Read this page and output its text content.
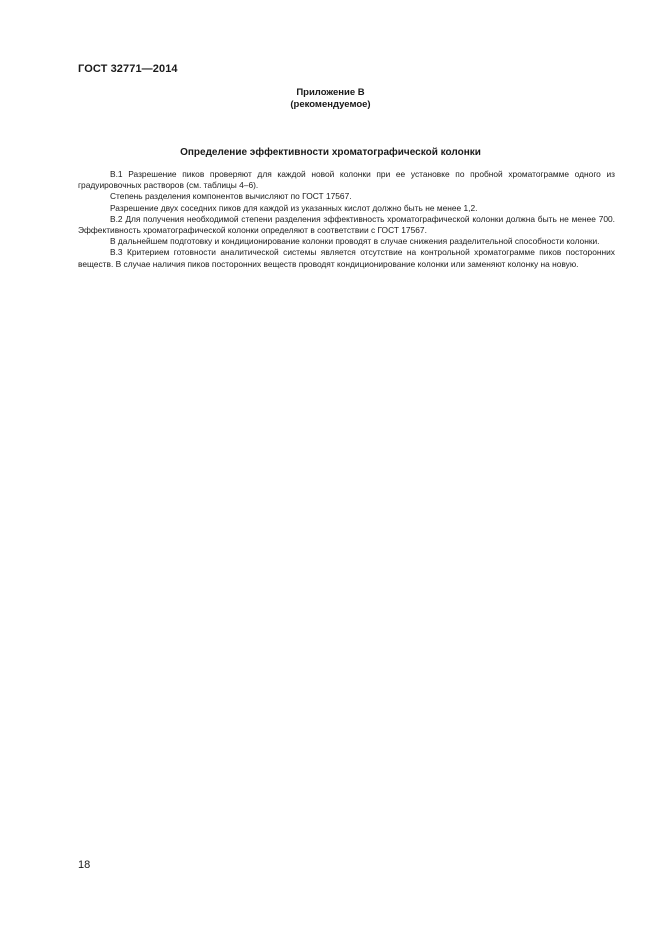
ГОСТ 32771—2014
Приложение В
(рекомендуемое)
Определение эффективности хроматографической колонки

В.1 Разрешение пиков проверяют для каждой новой колонки при ее установке по пробной хроматограмме одного из градуировочных растворов (см. таблицы 4–6).

Степень разделения компонентов вычисляют по ГОСТ 17567.

Разрешение двух соседних пиков для каждой из указанных кислот должно быть не менее 1,2.

В.2 Для получения необходимой степени разделения эффективность хроматографической колонки должна быть не менее 700. Эффективность хроматографической колонки определяют в соответствии с ГОСТ 17567.

В дальнейшем подготовку и кондиционирование колонки проводят в случае снижения разделительной способности колонки.

В.3 Критерием готовности аналитической системы является отсутствие на контрольной хроматограмме пиков посторонних веществ. В случае наличия пиков посторонних веществ проводят кондиционирование колонки или заменяют колонку на новую.

18
